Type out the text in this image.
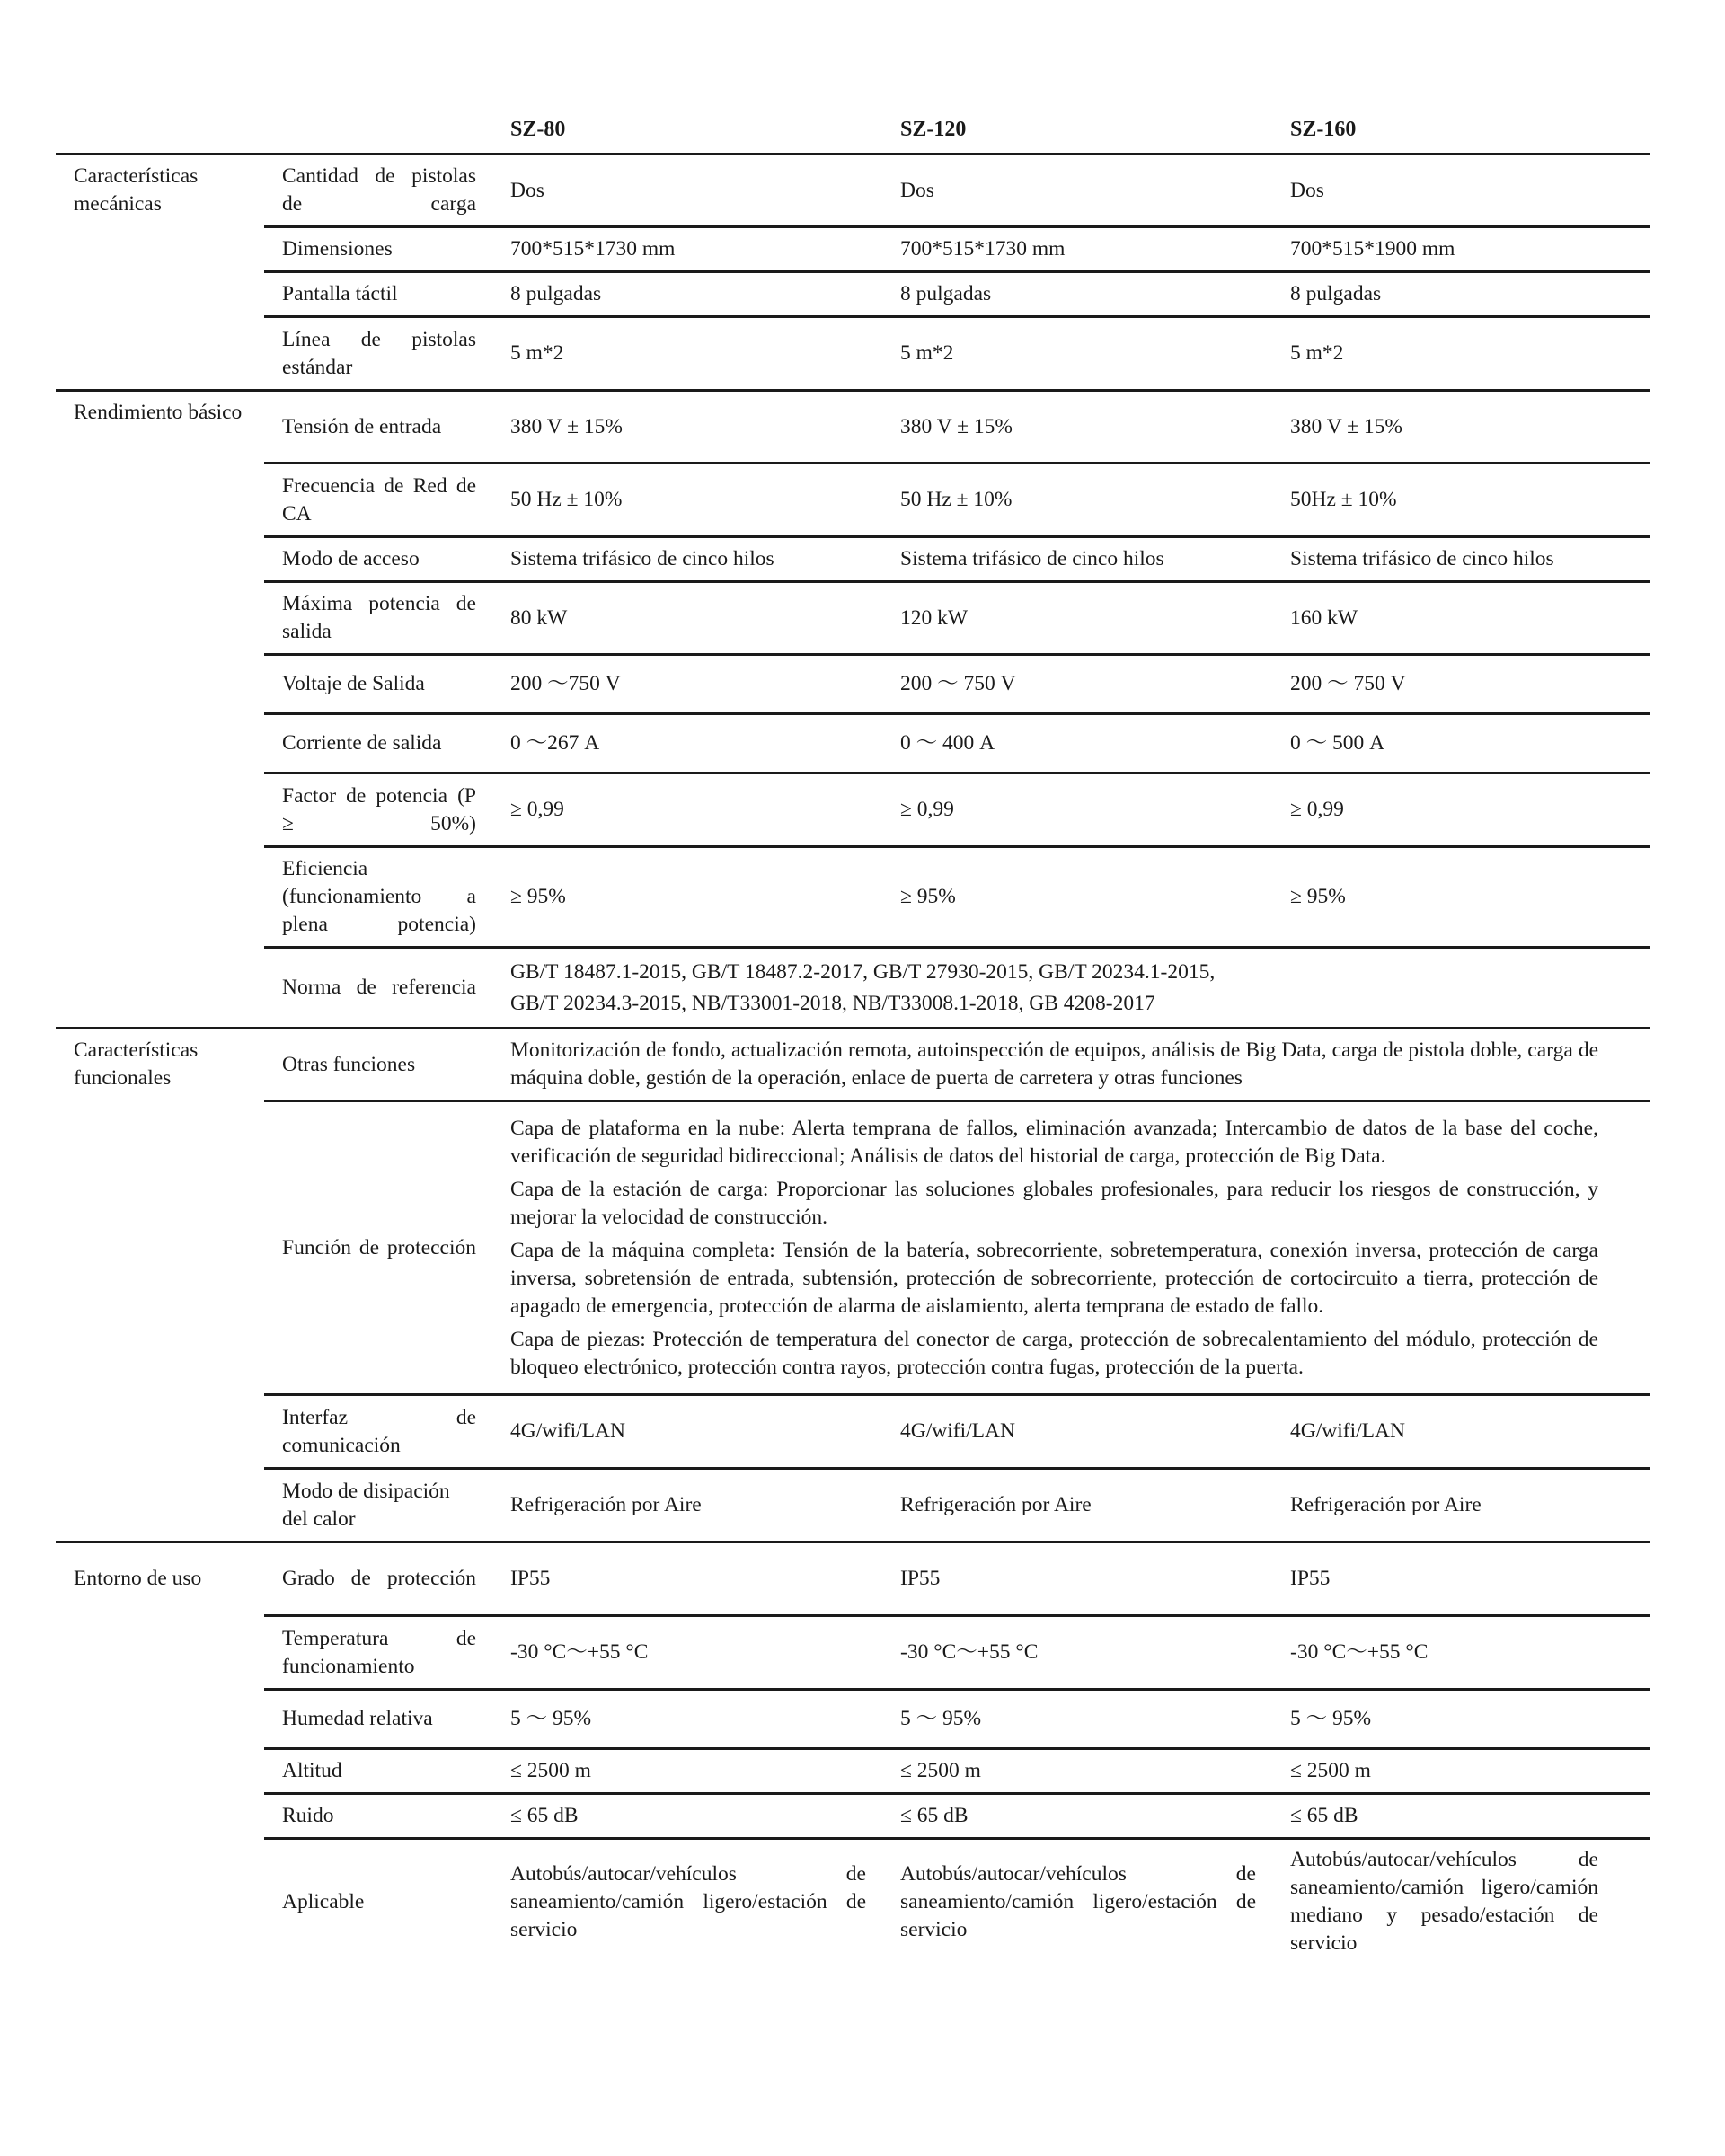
		SZ-80	SZ-120	SZ-160
Características mecánicas	Cantidad de pistolas de carga	Dos	Dos	Dos
	Dimensiones	700*515*1730 mm	700*515*1730 mm	700*515*1900 mm
	Pantalla táctil	8 pulgadas	8 pulgadas	8 pulgadas
	Línea de pistolas estándar	5 m*2	5 m*2	5 m*2
Rendimiento básico	Tensión de entrada	380 V ± 15%	380 V ± 15%	380 V ± 15%
	Frecuencia de Red de CA	50 Hz ± 10%	50 Hz ± 10%	50Hz ± 10%
	Modo de acceso	Sistema trifásico de cinco hilos	Sistema trifásico de cinco hilos	Sistema trifásico de cinco hilos
	Máxima potencia de salida	80 kW	120 kW	160 kW
	Voltaje de Salida	200 〜750 V	200 〜 750 V	200 〜 750 V
	Corriente de salida	0 〜267 A	0 〜 400 A	0 〜 500 A
	Factor de potencia (P ≥ 50%)	≥ 0,99	≥ 0,99	≥ 0,99
	Eficiencia (funcionamiento a plena potencia)	≥ 95%	≥ 95%	≥ 95%
	Norma de referencia	GB/T 18487.1-2015, GB/T 18487.2-2017, GB/T 27930-2015, GB/T 20234.1-2015,
GB/T 20234.3-2015, NB/T33001-2018, NB/T33008.1-2018, GB 4208-2017		

Características funcionales	Otras funciones	Monitorización de fondo, actualización remota, autoinspección de equipos, análisis de Big Data, carga de pistola doble, carga de máquina doble, gestión de la operación, enlace de puerta de carretera y otras funciones		
	Función de protección	Capa de plataforma en la nube: Alerta temprana de fallos, eliminación avanzada; Intercambio de datos de la base del coche, verificación de seguridad bidireccional; Análisis de datos del historial de carga, protección de Big Data.

Capa de la estación de carga: Proporcionar las soluciones globales profesionales, para reducir los riesgos de construcción, y mejorar la velocidad de construcción.

Capa de la máquina completa: Tensión de la batería, sobrecorriente, sobretemperatura, conexión inversa, protección de carga inversa, sobretensión de entrada, subtensión, protección de sobrecorriente, protección de cortocircuito a tierra, protección de apagado de emergencia, protección de alarma de aislamiento, alerta temprana de estado de fallo.

Capa de piezas: Protección de temperatura del conector de carga, protección de sobrecalentamiento del módulo, protección de bloqueo electrónico, protección contra rayos, protección contra fugas, protección de la puerta.		

	Interfaz de comunicación	4G/wifi/LAN	4G/wifi/LAN	4G/wifi/LAN
	Modo de disipación del calor	Refrigeración por Aire	Refrigeración por Aire	Refrigeración por Aire
Entorno de uso	Grado de protección	IP55	IP55	IP55
	Temperatura de funcionamiento	-30 °C〜+55 °C	-30 °C〜+55 °C	-30 °C〜+55 °C
	Humedad relativa	5 〜 95%	5 〜 95%	5 〜 95%
	Altitud	≤ 2500 m	≤ 2500 m	≤ 2500 m
	Ruido	≤ 65 dB	≤ 65 dB	≤ 65 dB
	Aplicable	Autobús/autocar/vehículos de saneamiento/camión ligero/estación de servicio	Autobús/autocar/vehículos de saneamiento/camión ligero/estación de servicio	Autobús/autocar/vehículos de saneamiento/camión ligero/camión mediano y pesado/estación de servicio
